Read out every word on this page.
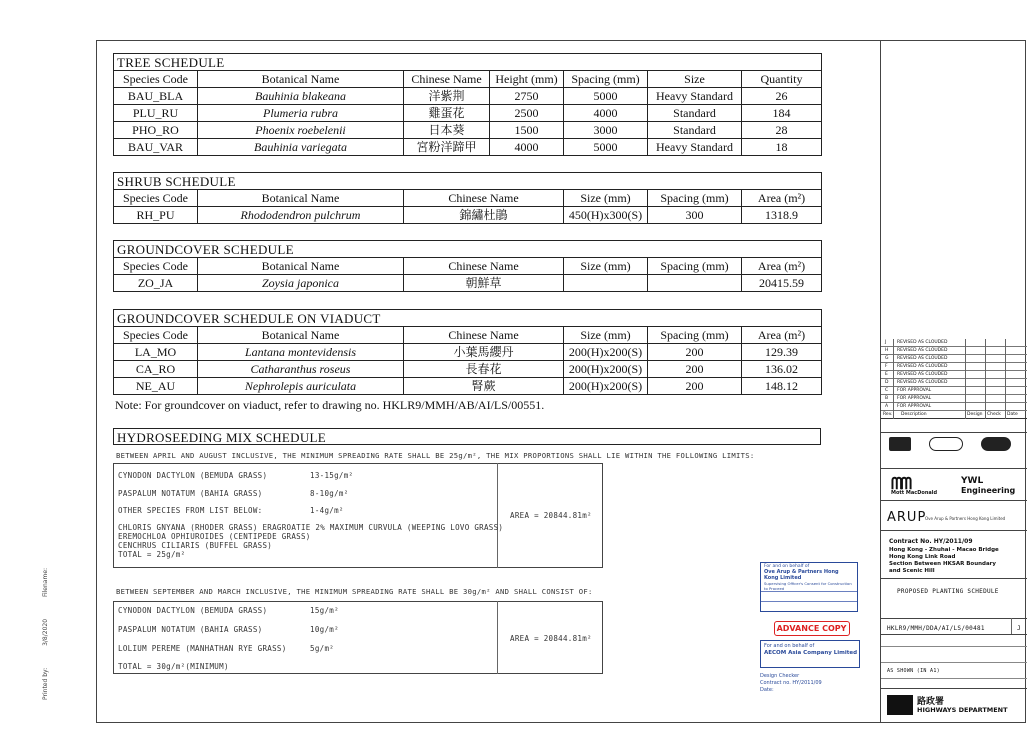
Printed by: 3/8/2020 Filename:
TREE SCHEDULE						
Species Code	Botanical Name	Chinese Name	Height (mm)	Spacing (mm)	Size	Quantity
BAU_BLA	Bauhinia blakeana	洋紫荆	2750	5000	Heavy Standard	26
PLU_RU	Plumeria rubra	雞蛋花	2500	4000	Standard	184
PHO_RO	Phoenix roebelenii	日本葵	1500	3000	Standard	28
BAU_VAR	Bauhinia variegata	宮粉洋蹄甲	4000	5000	Heavy Standard	18
SHRUB SCHEDULE					
Species Code	Botanical Name	Chinese Name	Size (mm)	Spacing (mm)	Area (m²)
RH_PU	Rhododendron pulchrum	錦繡杜鵑	450(H)x300(S)	300	1318.9
GROUNDCOVER SCHEDULE					
Species Code	Botanical Name	Chinese Name	Size (mm)	Spacing (mm)	Area (m²)
ZO_JA	Zoysia japonica	朝鮮草			20415.59
GROUNDCOVER SCHEDULE ON VIADUCT					
Species Code	Botanical Name	Chinese Name	Size (mm)	Spacing (mm)	Area (m²)
LA_MO	Lantana montevidensis	小葉馬纓丹	200(H)x200(S)	200	129.39
CA_RO	Catharanthus roseus	長春花	200(H)x200(S)	200	136.02
NE_AU	Nephrolepis auriculata	腎蕨	200(H)x200(S)	200	148.12
Note: For groundcover on viaduct, refer to drawing no. HKLR9/MMH/AB/AI/LS/00551.
HYDROSEEDING MIX SCHEDULE
BETWEEN APRIL AND AUGUST INCLUSIVE, THE MINIMUM SPREADING RATE SHALL BE 25g/m², THE MIX PROPORTIONS SHALL LIE WITHIN THE FOLLOWING LIMITS:
CYNODON DACTYLON (BEMUDA GRASS)	13-15g/m²
PASPALUM NOTATUM (BAHIA GRASS)	8-10g/m²
OTHER SPECIES FROM LIST BELOW:	1-4g/m²
CHLORIS GNYANA (RHODER GRASS) ERAGROATIE 2% MAXIMUM CURVULA (WEEPING LOVO GRASS)
EREMOCHLOA OPHIUROIDES (CENTIPEDE GRASS)
CENCHRUS CILIARIS (BUFFEL GRASS)
TOTAL = 25g/m²
AREA = 20844.81m²
BETWEEN SEPTEMBER AND MARCH INCLUSIVE, THE MINIMUM SPREADING RATE SHALL BE 30g/m² AND SHALL CONSIST OF:
CYNODON DACTYLON (BEMUDA GRASS)	15g/m²
PASPALUM NOTATUM (BAHIA GRASS)	10g/m²
LOLIUM PEREME (MANHATHAN RYE GRASS)	5g/m²
TOTAL = 30g/m²(MINIMUM)
AREA = 20844.81m²
For and on behalf of
Ove Arup & Partners Hong Kong Limited
Supervising Officer's Consent for Construction to Proceed
ADVANCE COPY
For and on behalf of
AECOM Asia Company Limited
Design Checker
Contract no. HY/2011/09
Date:
J REVISED AS CLOUDED
H REVISED AS CLOUDED
G REVISED AS CLOUDED
F REVISED AS CLOUDED
E REVISED AS CLOUDED
D REVISED AS CLOUDED
C FOR APPROVAL
B FOR APPROVAL
A FOR APPROVAL
Rev. Description	Design Check Date
ᗰᗰ
Mott MacDonald
YWL
Engineering
ARUP
Ove Arup & Partners Hong Kong Limited
Contract No. HY/2011/09
Hong Kong - Zhuhai - Macao Bridge
Hong Kong Link Road
Section Between HKSAR Boundary
and Scenic Hill
PROPOSED PLANTING SCHEDULE
HKLR9/MMH/DDA/AI/LS/00481	J
AS SHOWN (IN A1)
路政署
HIGHWAYS DEPARTMENT
